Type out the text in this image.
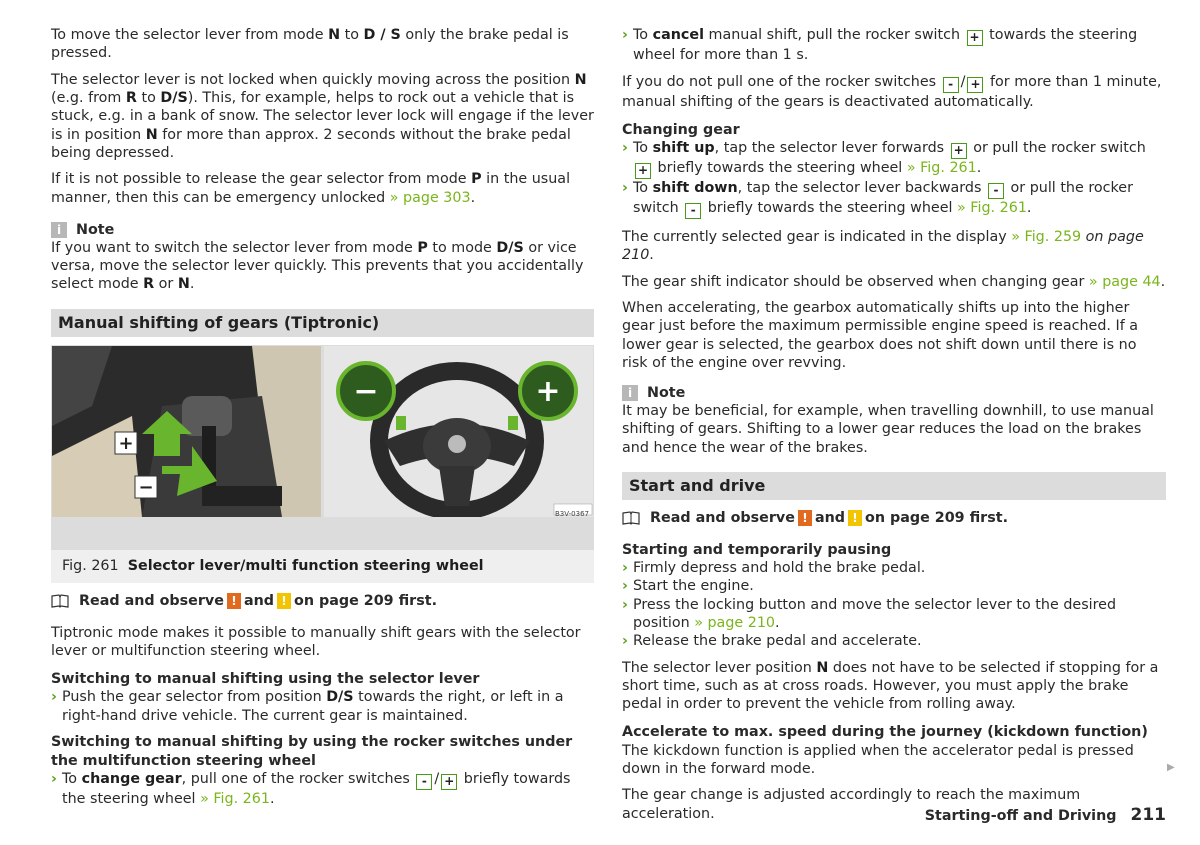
To move the selector lever from mode N to D / S only the brake pedal is pressed.

The selector lever is not locked when quickly moving across the position N (e.g. from R to D/S). This, for example, helps to rock out a vehicle that is stuck, e.g. in a bank of snow. The selector lever lock will engage if the lever is in position N for more than approx. 2 seconds without the brake pedal being depressed.

If it is not possible to release the gear selector from mode P in the usual manner, then this can be emergency unlocked » page 303.

i	Note

If you want to switch the selector lever from mode P to mode D/S or vice versa, move the selector lever quickly. This prevents that you accidentally select mode R or N.

Manual shifting of gears (Tiptronic)
+
−
−	+
B3V-0367
Fig. 261 Selector lever/multi function steering wheel
Read and observe ! and ! on page 209 first.

Tiptronic mode makes it possible to manually shift gears with the selector lever or multifunction steering wheel.

Switching to manual shifting using the selector lever
› Push the gear selector from position D/S towards the right, or left in a right-hand drive vehicle. The current gear is maintained.
Switching to manual shifting by using the rocker switches under the multifunction steering wheel
› To change gear, pull one of the rocker switches - / + briefly towards the steering wheel » Fig. 261.
› To cancel manual shift, pull the rocker switch + towards the steering wheel for more than 1 s.

If you do not pull one of the rocker switches - / + for more than 1 minute, manual shifting of the gears is deactivated automatically.

Changing gear
› To shift up, tap the selector lever forwards + or pull the rocker switch + briefly towards the steering wheel » Fig. 261.
› To shift down, tap the selector lever backwards - or pull the rocker switch - briefly towards the steering wheel » Fig. 261.

The currently selected gear is indicated in the display » Fig. 259 on page 210.

The gear shift indicator should be observed when changing gear » page 44.

When accelerating, the gearbox automatically shifts up into the higher gear just before the maximum permissible engine speed is reached. If a lower gear is selected, the gearbox does not shift down until there is no risk of the engine over revving.

i	Note

It may be beneficial, for example, when travelling downhill, to use manual shifting of gears. Shifting to a lower gear reduces the load on the brakes and hence the wear of the brakes.

Start and drive
Read and observe ! and ! on page 209 first.
Starting and temporarily pausing
› Firmly depress and hold the brake pedal.
› Start the engine.
› Press the locking button and move the selector lever to the desired position » page 210.
› Release the brake pedal and accelerate.

The selector lever position N does not have to be selected if stopping for a short time, such as at cross roads. However, you must apply the brake pedal in order to prevent the vehicle from rolling away.

Accelerate to max. speed during the journey (kickdown function)

The kickdown function is applied when the accelerator pedal is pressed down in the forward mode.

The gear change is adjusted accordingly to reach the maximum acceleration.

▶
Starting-off and Driving 211
